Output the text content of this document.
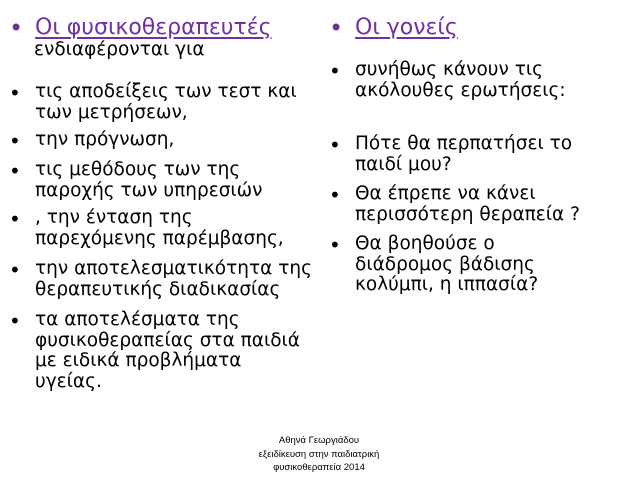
• Οι φυσικοθεραπευτές
ενδιαφέρονται για
• τις αποδείξεις των τεστ και
των μετρήσεων,
• την πρόγνωση,
• τις μεθόδους των της
παροχής των υπηρεσιών
• , την ένταση της
παρεχόμενης παρέμβασης,
• την αποτελεσματικότητα της
θεραπευτικής διαδικασίας
• τα αποτελέσματα της
φυσικοθεραπείας στα παιδιά
με ειδικά προβλήματα
υγείας.
• Οι γονείς
• συνήθως κάνουν τις
ακόλουθες ερωτήσεις:
• Πότε θα περπατήσει το
παιδί μου?
• Θα έπρεπε να κάνει
περισσότερη θεραπεία ?
• Θα βοηθούσε ο
διάδρομος βάδισης
κολύμπι, η ιππασία?
Αθηνά Γεωργιάδου
εξειδίκευση στην παιδιατρική
φυσικοθεραπεία 2014
